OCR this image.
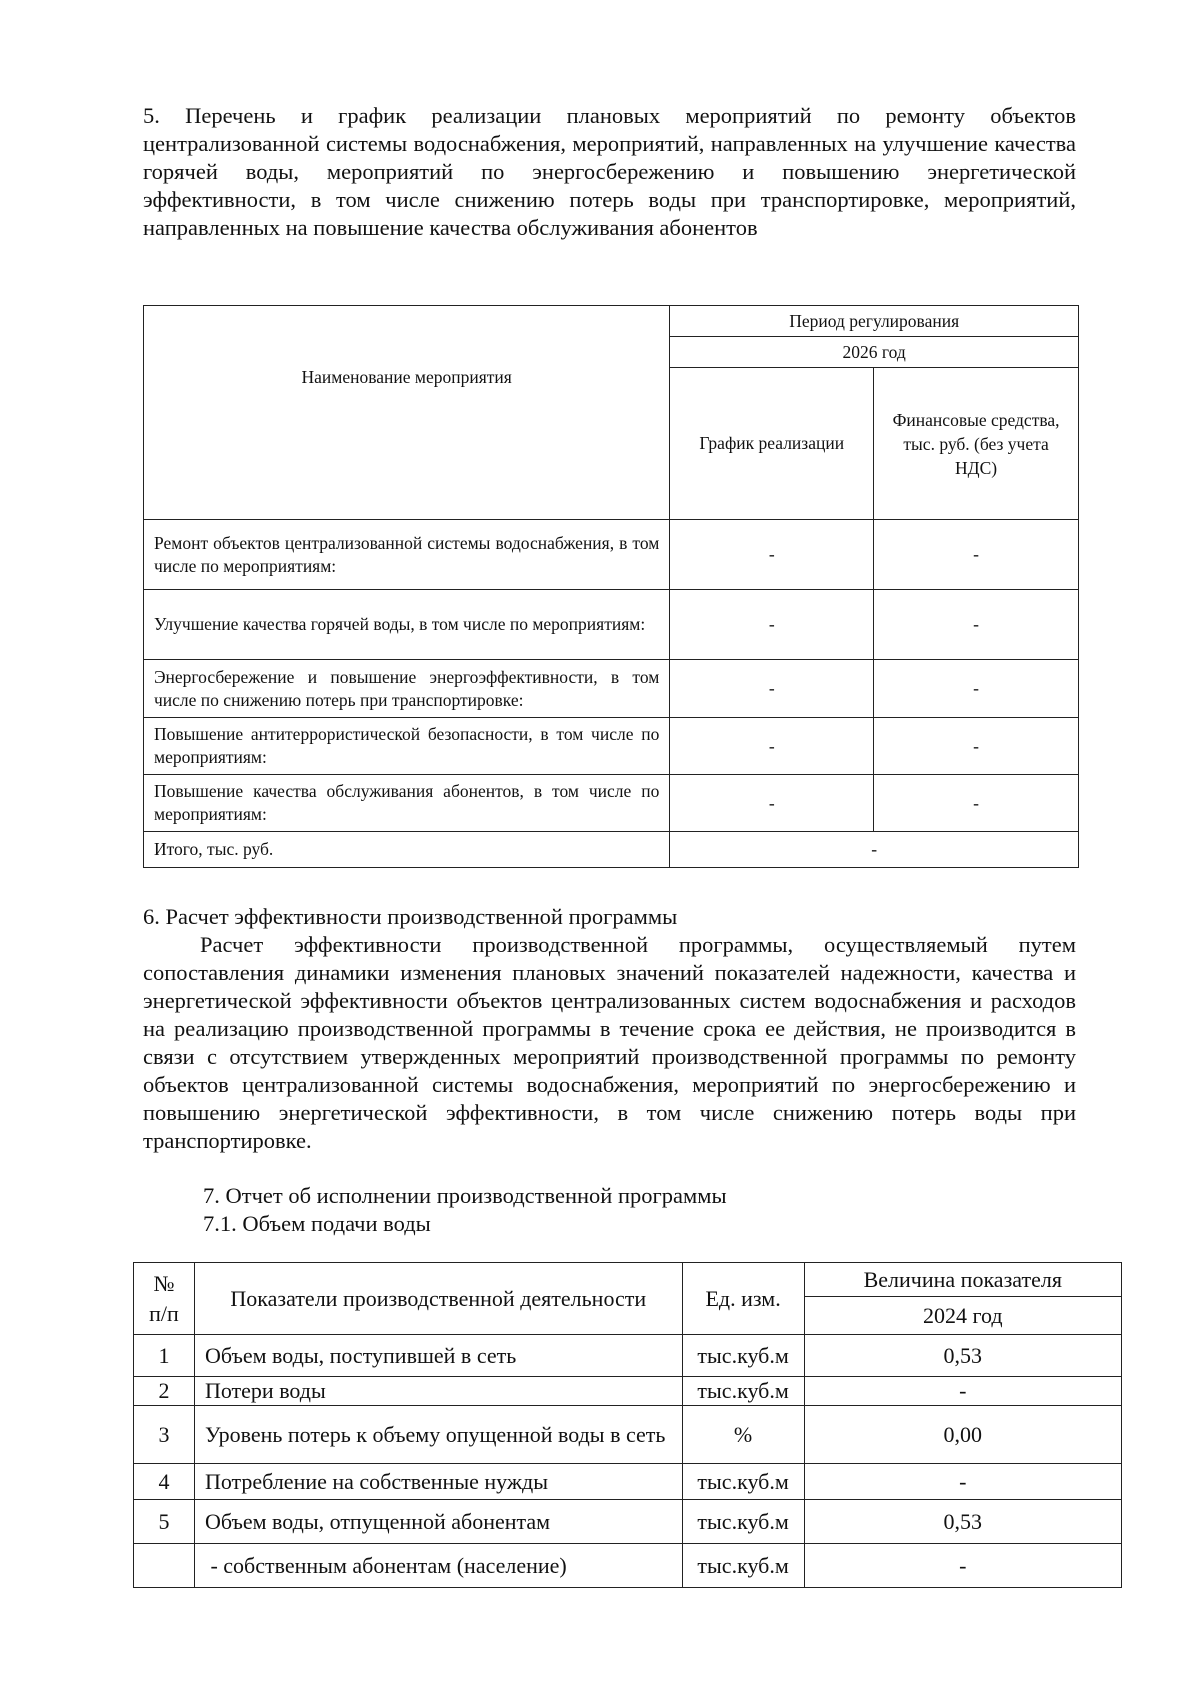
5. Перечень и график реализации плановых мероприятий по ремонту объектов централизованной системы водоснабжения, мероприятий, направленных на улучшение качества горячей воды, мероприятий по энергосбережению и повышению энергетической эффективности, в том числе снижению потерь воды при транспортировке, мероприятий, направленных на повышение качества обслуживания абонентов

Наименование мероприятия	Период регулирования	
	2026 год	
	График реализации	Финансовые средства, тыс. руб. (без учета НДС)
Ремонт объектов централизованной системы водоснабжения, в том числе по мероприятиям:	-	-
Улучшение качества горячей воды, в том числе по мероприятиям:	-	-
Энергосбережение и повышение энергоэффективности, в том числе по снижению потерь при транспортировке:	-	-
Повышение антитеррористической безопасности, в том числе по мероприятиям:	-	-
Повышение качества обслуживания абонентов, в том числе по мероприятиям:	-	-
Итого, тыс. руб.	-	

6. Расчет эффективности производственной программы

Расчет эффективности производственной программы, осуществляемый путем сопоставления динамики изменения плановых значений показателей надежности, качества и энергетической эффективности объектов централизованных систем водоснабжения и расходов на реализацию производственной программы в течение срока ее действия, не производится в связи с отсутствием утвержденных мероприятий производственной программы по ремонту объектов централизованной системы водоснабжения, мероприятий по энергосбережению и повышению энергетической эффективности, в том числе снижению потерь воды при транспортировке.

7. Отчет об исполнении производственной программы

7.1. Объем подачи воды

№ п/п	Показатели производственной деятельности	Ед. изм.	Величина показателя
			2024 год
1	Объем воды, поступившей в сеть	тыс.куб.м	0,53
2	Потери воды	тыс.куб.м	-
3	Уровень потерь к объему опущенной воды в сеть	%	0,00
4	Потребление на собственные нужды	тыс.куб.м	-
5	Объем воды, отпущенной абонентам	тыс.куб.м	0,53
	- собственным абонентам (население)	тыс.куб.м	-
